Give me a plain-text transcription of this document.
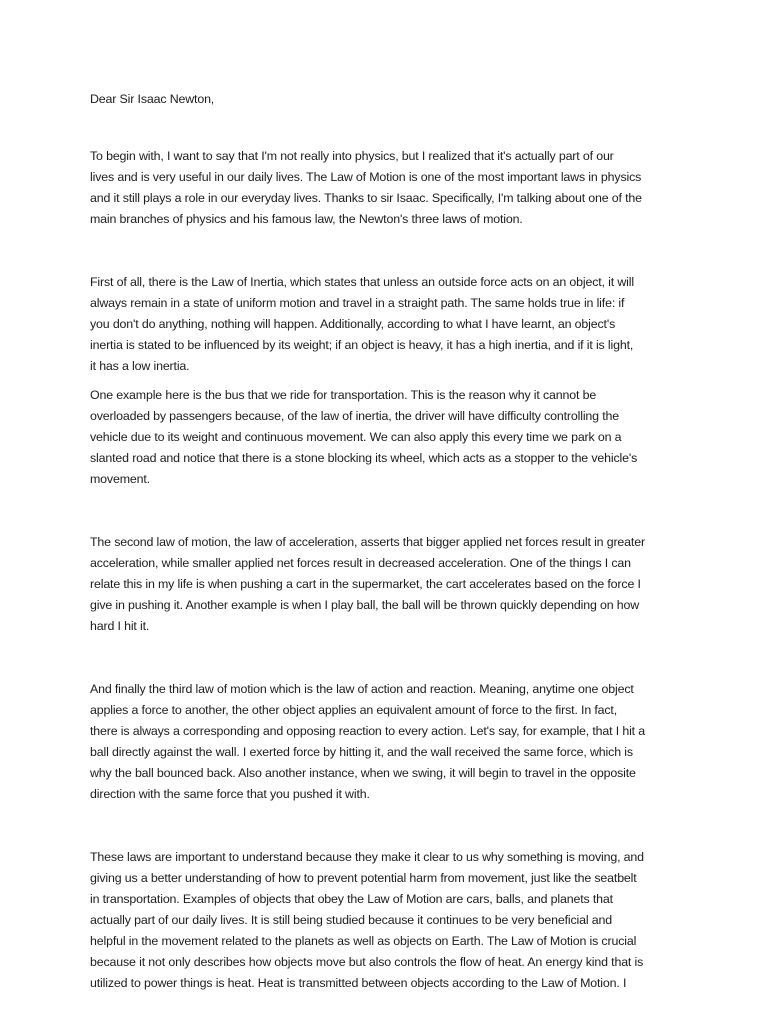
Dear Sir Isaac Newton,

To begin with, I want to say that I'm not really into physics, but I realized that it's actually part of our
lives and is very useful in our daily lives. The Law of Motion is one of the most important laws in physics
and it still plays a role in our everyday lives. Thanks to sir Isaac. Specifically, I'm talking about one of the
main branches of physics and his famous law, the Newton's three laws of motion.
First of all, there is the Law of Inertia, which states that unless an outside force acts on an object, it will
always remain in a state of uniform motion and travel in a straight path. The same holds true in life: if
you don't do anything, nothing will happen. Additionally, according to what I have learnt, an object's
inertia is stated to be influenced by its weight; if an object is heavy, it has a high inertia, and if it is light,
it has a low inertia.
One example here is the bus that we ride for transportation. This is the reason why it cannot be
overloaded by passengers because, of the law of inertia, the driver will have difficulty controlling the
vehicle due to its weight and continuous movement. We can also apply this every time we park on a
slanted road and notice that there is a stone blocking its wheel, which acts as a stopper to the vehicle's
movement.
The second law of motion, the law of acceleration, asserts that bigger applied net forces result in greater
acceleration, while smaller applied net forces result in decreased acceleration. One of the things I can
relate this in my life is when pushing a cart in the supermarket, the cart accelerates based on the force I
give in pushing it. Another example is when I play ball, the ball will be thrown quickly depending on how
hard I hit it.
And finally the third law of motion which is the law of action and reaction. Meaning, anytime one object
applies a force to another, the other object applies an equivalent amount of force to the first. In fact,
there is always a corresponding and opposing reaction to every action. Let's say, for example, that I hit a
ball directly against the wall. I exerted force by hitting it, and the wall received the same force, which is
why the ball bounced back. Also another instance, when we swing, it will begin to travel in the opposite
direction with the same force that you pushed it with.
These laws are important to understand because they make it clear to us why something is moving, and
giving us a better understanding of how to prevent potential harm from movement, just like the seatbelt
in transportation. Examples of objects that obey the Law of Motion are cars, balls, and planets that
actually part of our daily lives. It is still being studied because it continues to be very beneficial and
helpful in the movement related to the planets as well as objects on Earth. The Law of Motion is crucial
because it not only describes how objects move but also controls the flow of heat. An energy kind that is
utilized to power things is heat. Heat is transmitted between objects according to the Law of Motion. I
